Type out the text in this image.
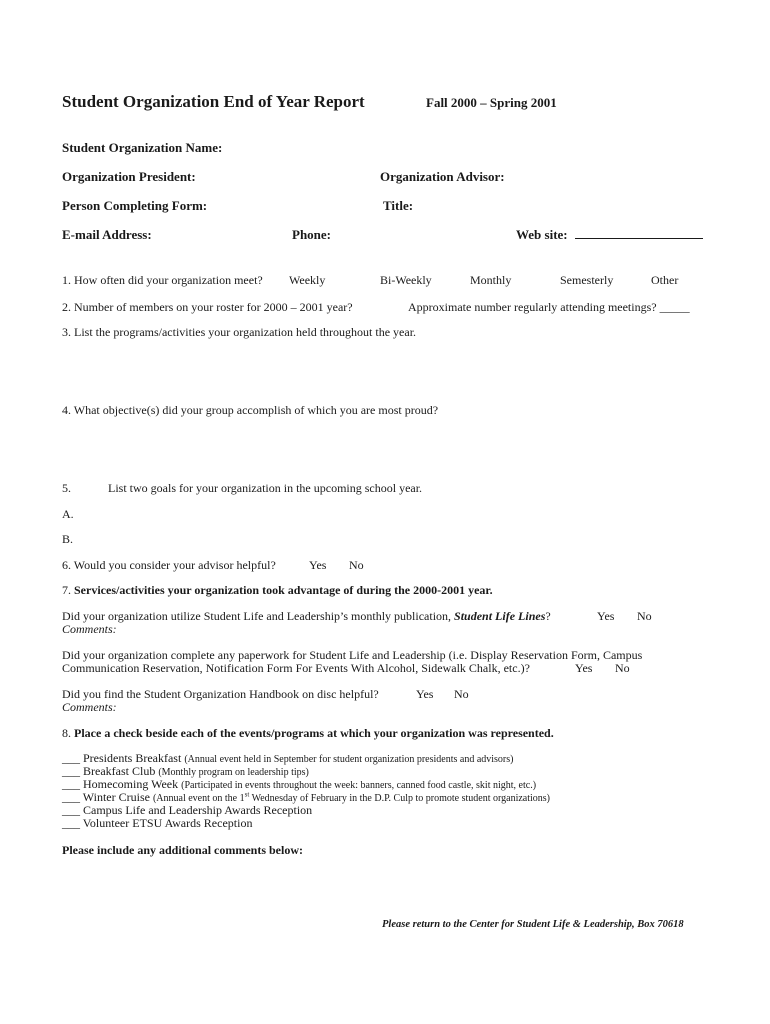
Student Organization End of Year Report	Fall 2000 – Spring 2001
Student Organization Name:
Organization President:	Organization Advisor:
Person Completing Form:	Title:
E-mail Address:	Phone:	Web site:
1. How often did your organization meet? Weekly	Bi-Weekly	Monthly	Semesterly	Other
2. Number of members on your roster for 2000 – 2001 year?	Approximate number regularly attending meetings? _____
3. List the programs/activities your organization held throughout the year.
4. What objective(s) did your group accomplish of which you are most proud?
5.	List two goals for your organization in the upcoming school year.
A.
B.
6. Would you consider your advisor helpful?	Yes No
7. Services/activities your organization took advantage of during the 2000-2001 year.
Did your organization utilize Student Life and Leadership’s monthly publication, Student Life Lines?	Yes No
Comments:
Did your organization complete any paperwork for Student Life and Leadership (i.e. Display Reservation Form, Campus
Communication Reservation, Notification Form For Events With Alcohol, Sidewalk Chalk, etc.)?	Yes No
Did you find the Student Organization Handbook on disc helpful?	Yes No
Comments:
8. Place a check beside each of the events/programs at which your organization was represented.
___ Presidents Breakfast (Annual event held in September for student organization presidents and advisors)
___ Breakfast Club (Monthly program on leadership tips)
___ Homecoming Week (Participated in events throughout the week: banners, canned food castle, skit night, etc.)
___ Winter Cruise (Annual event on the 1st Wednesday of February in the D.P. Culp to promote student organizations)
___ Campus Life and Leadership Awards Reception
___ Volunteer ETSU Awards Reception
Please include any additional comments below:
Please return to the Center for Student Life & Leadership, Box 70618
